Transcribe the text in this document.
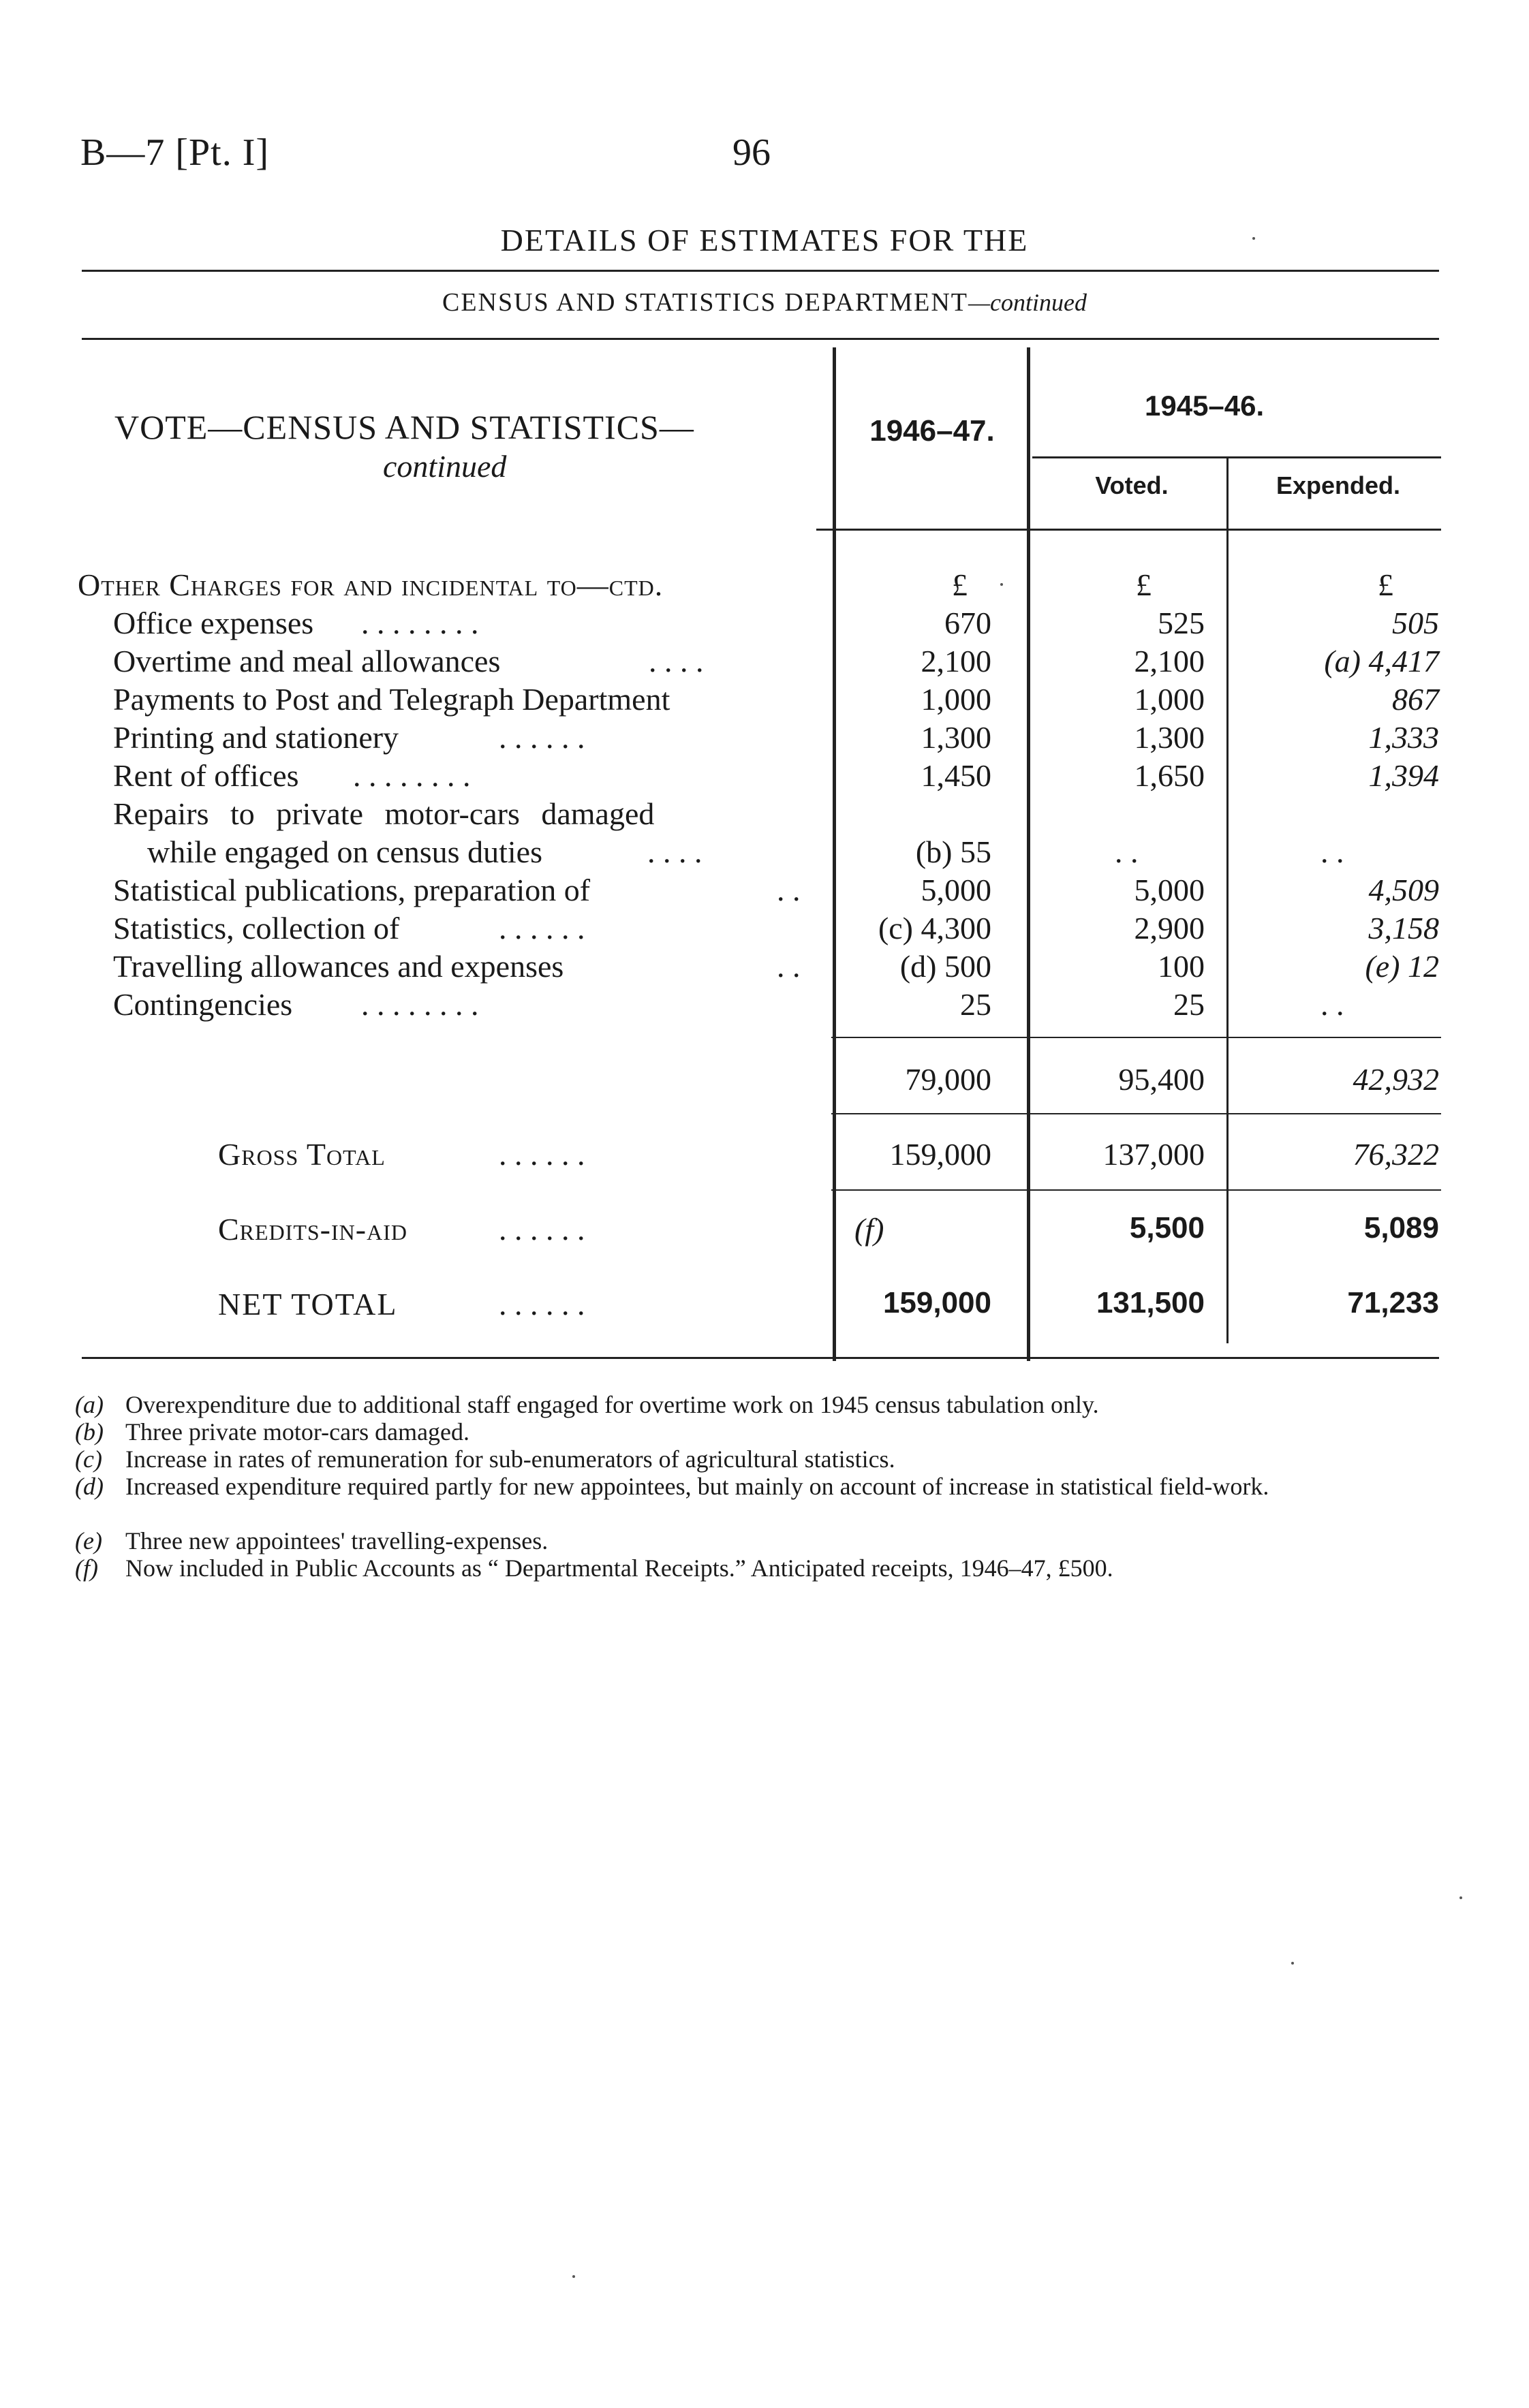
B—7 [Pt. I]	96
DETAILS OF ESTIMATES FOR THE
CENSUS AND STATISTICS DEPARTMENT—continued
VOTE—CENSUS AND STATISTICS—
continued
1946–47.
1945–46.
Voted.	Expended.
Other Charges for and incidental to—ctd.	£	£	£
Office expenses . . . . . . . .	670	525	505
Overtime and meal allowances	. . . .	2,100	2,100	(a) 4,417
Payments to Post and Telegraph Department	1,000	1,000	867
Printing and stationery	. . . . . .	1,300	1,300	1,333
Rent of offices . . . . . . . .	1,450	1,650	1,394
Repairs to private motor-cars damaged
while engaged on census duties	. . . .	(b) 55	. .	. .
Statistical publications, preparation of	. .	5,000	5,000	4,509
Statistics, collection of	. . . . . .	(c) 4,300	2,900	3,158
Travelling allowances and expenses	. .	(d) 500	100	(e) 12
Contingencies . . . . . . . .	25	25	. .
79,000	95,400	42,932
Gross Total	. . . . . .	159,000	137,000	76,322
Credits-in-aid	. . . . . .	(f)	5,500	5,089
NET TOTAL	. . . . . .	159,000	131,500	71,233
(a) Overexpenditure due to additional staff engaged for overtime work on 1945 census tabulation only.
(b) Three private motor-cars damaged.
(c) Increase in rates of remuneration for sub-enumerators of agricultural statistics.
(d) Increased expenditure required partly for new appointees, but mainly on account of increase in statistical field-work.
(e) Three new appointees' travelling-expenses.
(f) Now included in Public Accounts as “ Departmental Receipts.” Anticipated receipts, 1946–47, £500.
